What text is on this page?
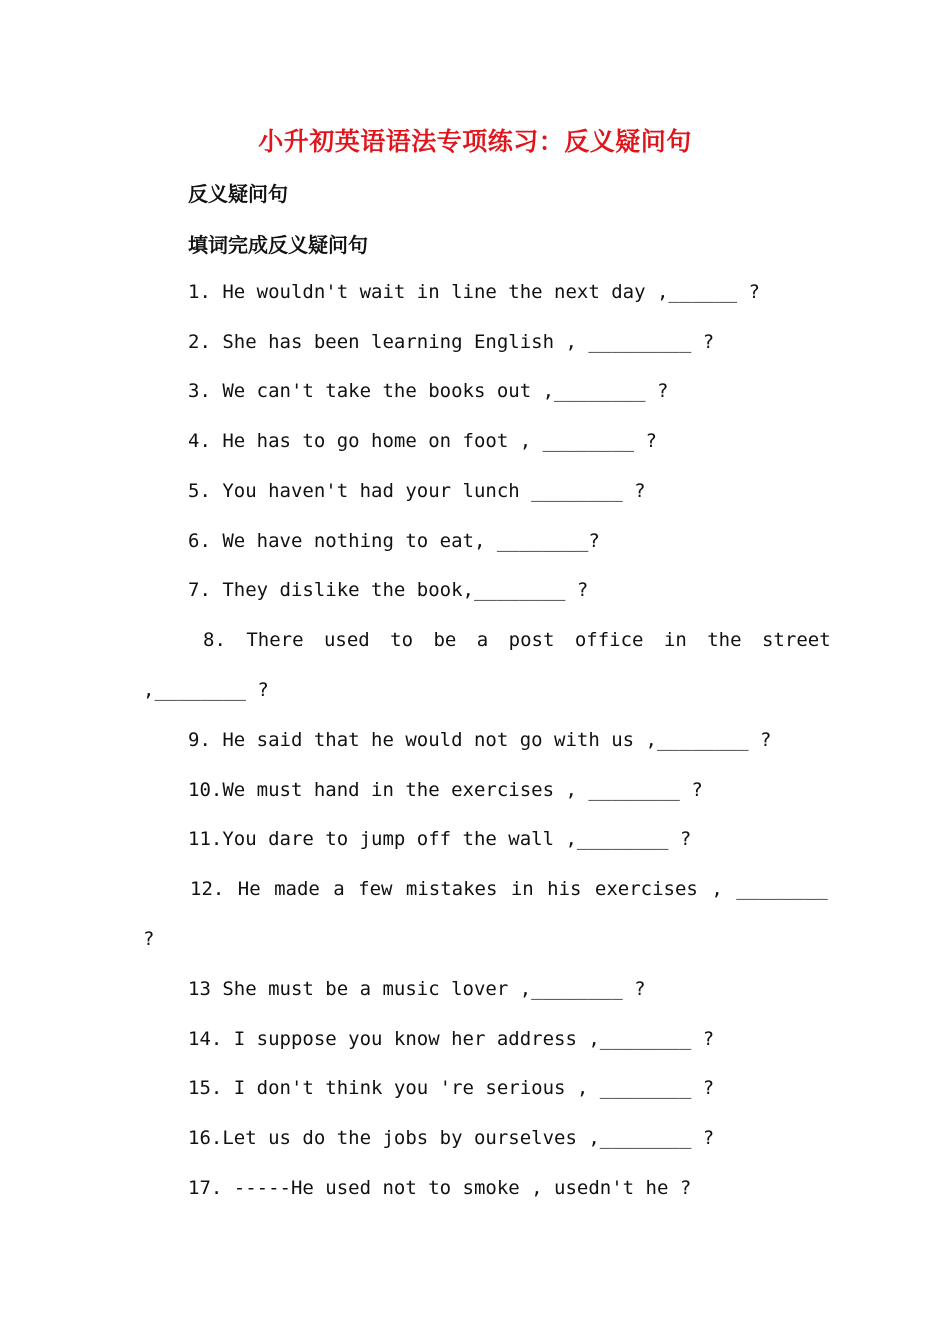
小升初英语语法专项练习：反义疑问句
反义疑问句
填词完成反义疑问句
1. He wouldn't wait in line the next day ,______ ?
2. She has been learning English , _________ ?
3. We can't take the books out ,________ ?
4. He has to go home on foot , ________ ?
5. You haven't had your lunch ________ ?
6. We have nothing to eat, ________?
7. They dislike the book,________ ?
8. There used to be a post office in the street
,________ ?
9. He said that he would not go with us ,________ ?
10.We must hand in the exercises , ________ ?
11.You dare to jump off the wall ,________ ?
12. He made a few mistakes in his exercises , ________
?
13 She must be a music lover ,________ ?
14. I suppose you know her address ,________ ?
15. I don't think you 're serious , ________ ?
16.Let us do the jobs by ourselves ,________ ?
17. -----He used not to smoke , usedn't he ?
